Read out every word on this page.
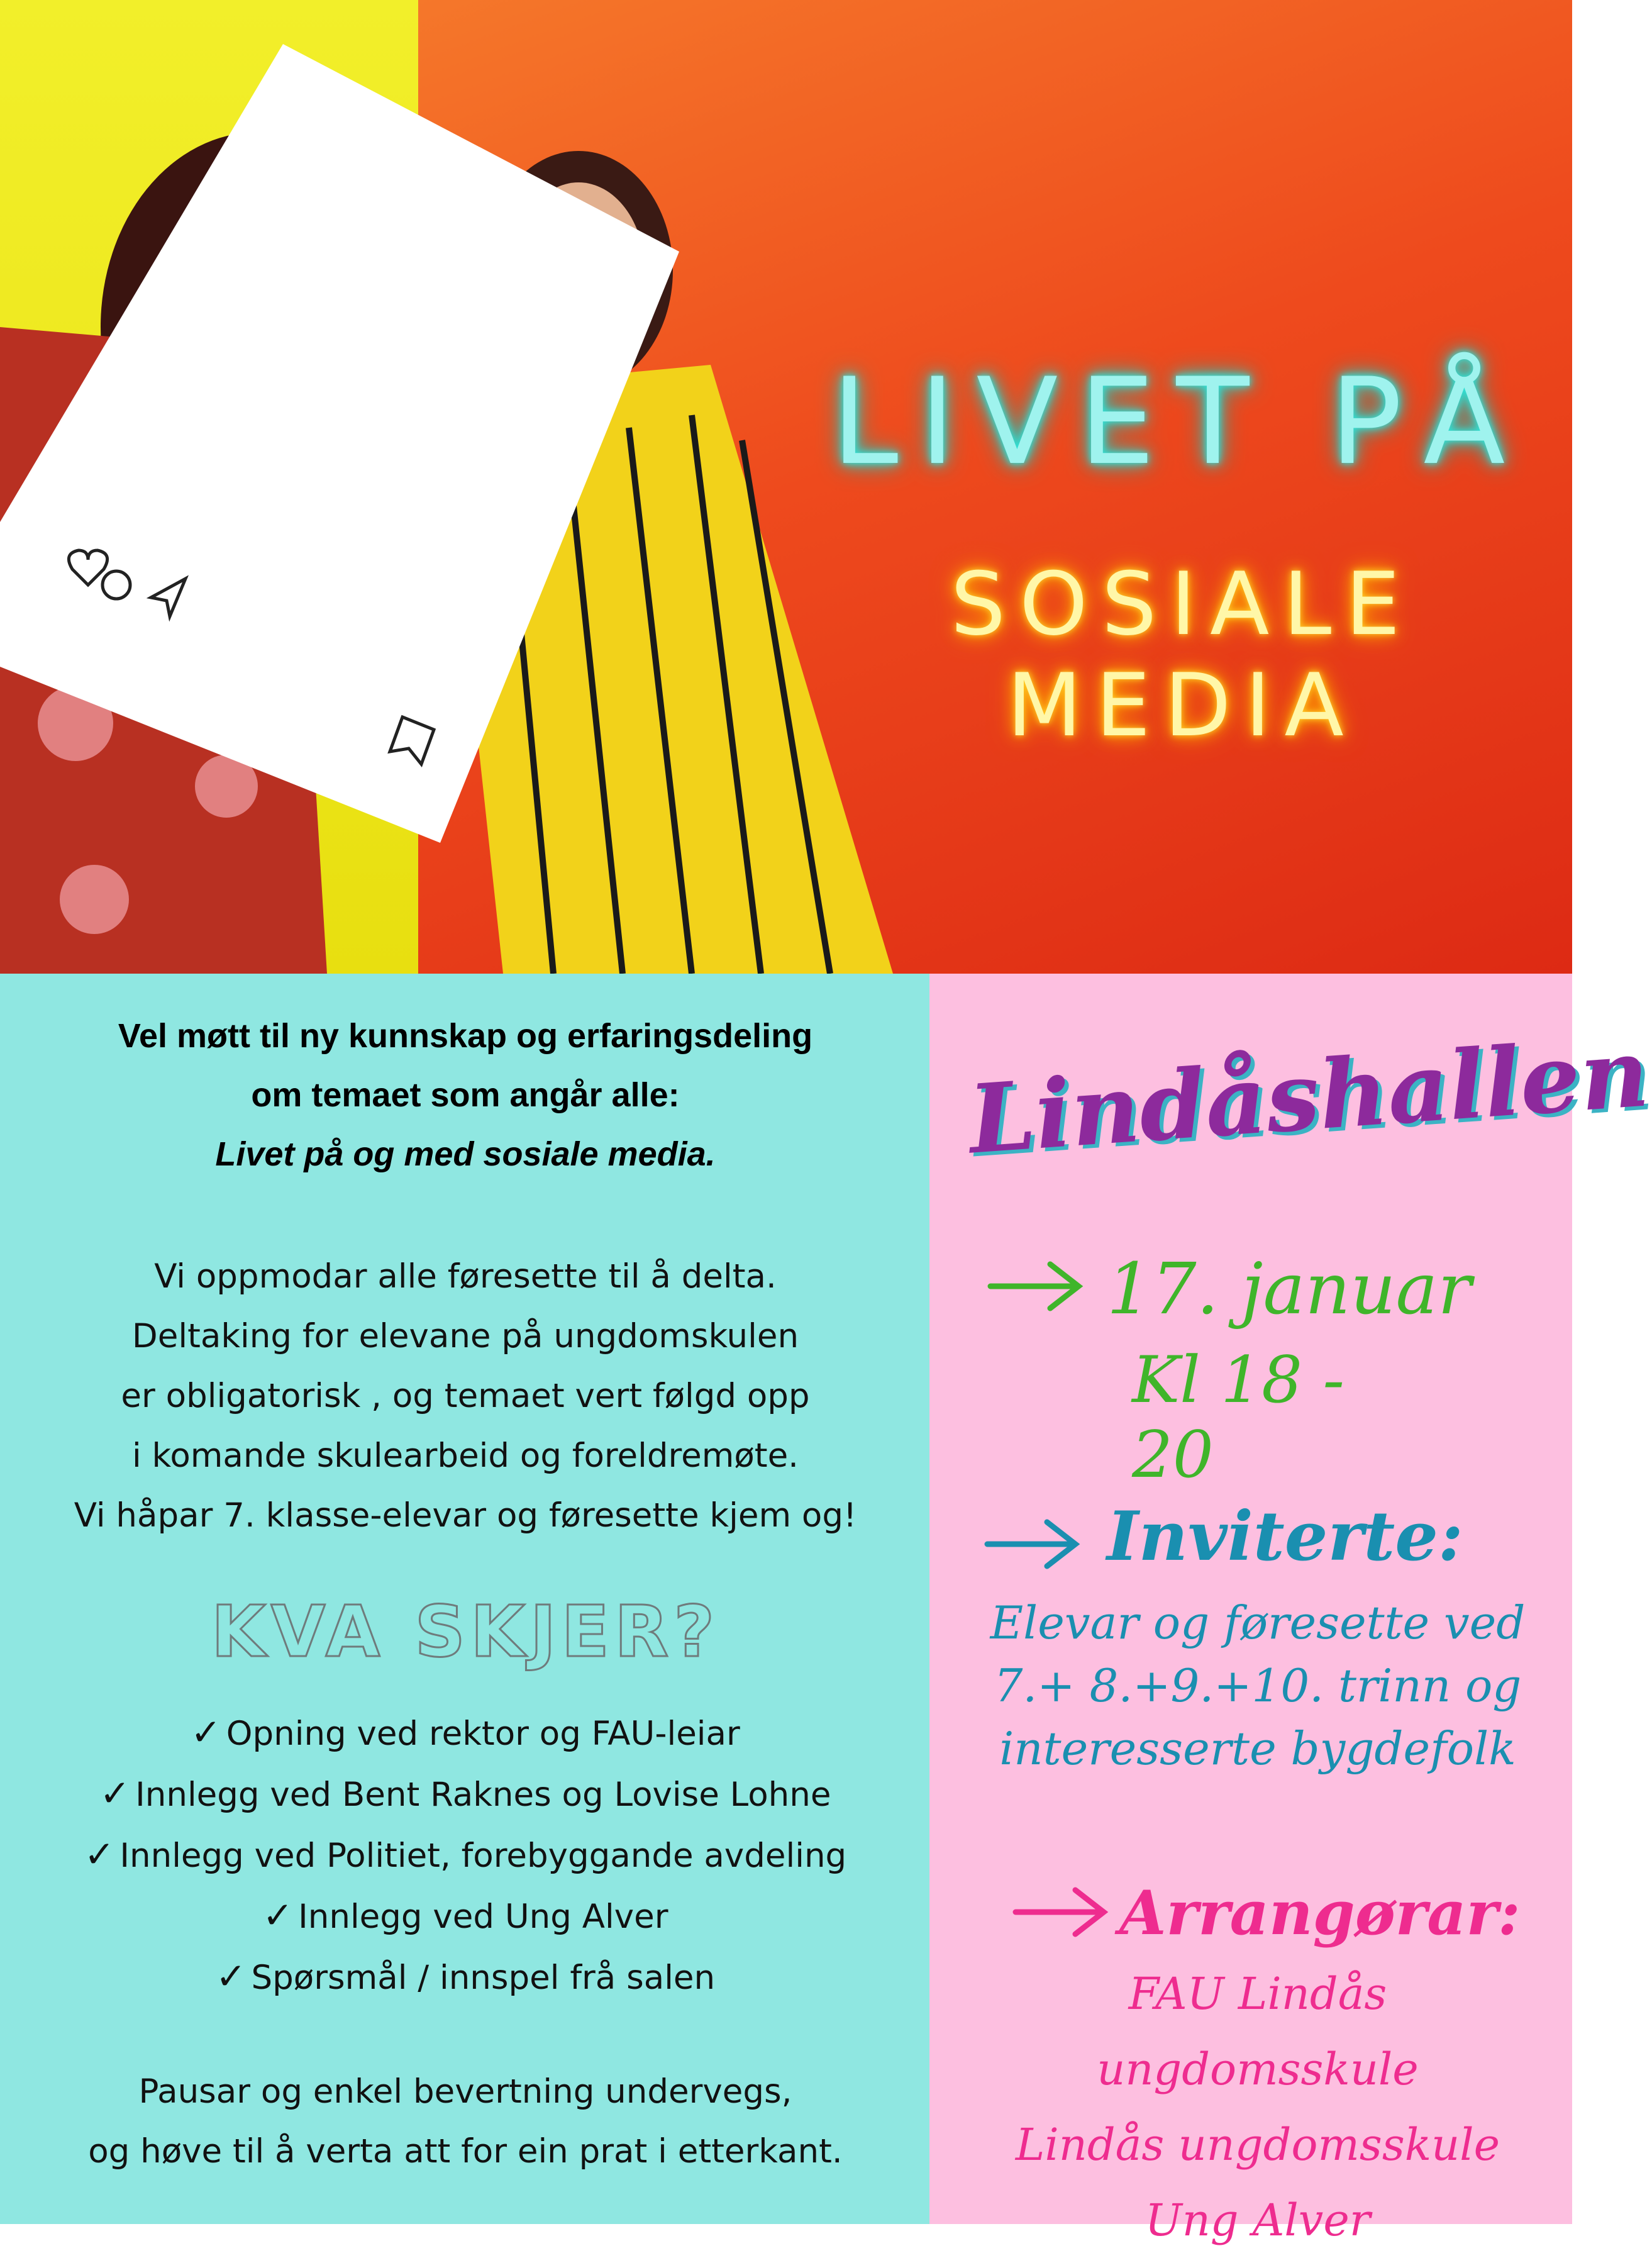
LIVET PÅ
SOSIALE MEDIA
Vel møtt til ny kunnskap og erfaringsdeling
om temaet som angår alle:
Livet på og med sosiale media.
Vi oppmodar alle føresette til å delta.
Deltaking for elevane på ungdomskulen
er obligatorisk , og temaet vert følgd opp
i komande skulearbeid og foreldremøte.
Vi håpar 7. klasse-elevar og føresette kjem og!
KVA SKJER?
✓ Opning ved rektor og FAU-leiar
✓ Innlegg ved Bent Raknes og Lovise Lohne
✓ Innlegg ved Politiet, forebyggande avdeling
✓ Innlegg ved Ung Alver
✓ Spørsmål / innspel frå salen
Pausar og enkel bevertning undervegs,
og høve til å verta att for ein prat i etterkant.
Lindåshallen
17. januar
Kl 18 - 20
Inviterte:
Elevar og føresette ved
7.+ 8.+9.+10. trinn og
interesserte bygdefolk
Arrangørar:
FAU Lindås ungdomsskule
Lindås ungdomsskule
Ung Alver
